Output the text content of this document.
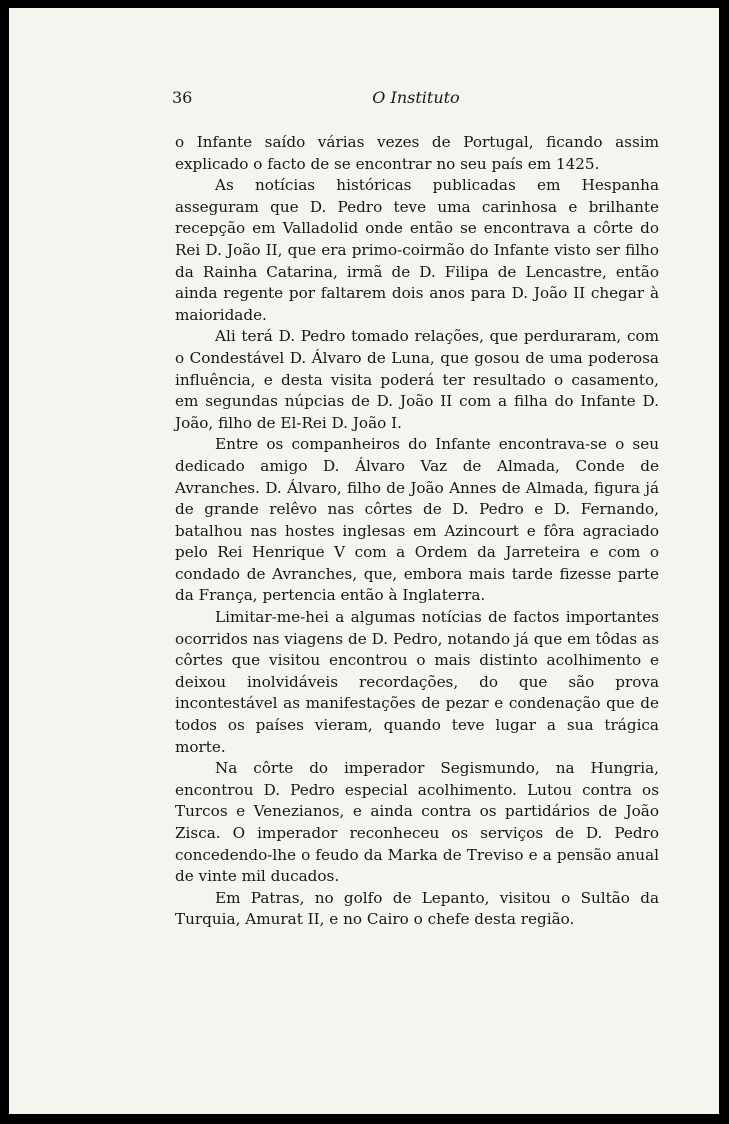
36	O Instituto

o Infante saído várias vezes de Portugal, ficando assim explicado o facto de se encontrar no seu país em 1425.

As notícias históricas publicadas em Hespanha asseguram que D. Pedro teve uma carinhosa e brilhante recepção em Valladolid onde então se encontrava a côrte do Rei D. João II, que era primo-coirmão do Infante visto ser filho da Rainha Catarina, irmã de D. Filipa de Lencastre, então ainda regente por faltarem dois anos para D. João II chegar à maioridade.

Ali terá D. Pedro tomado relações, que perduraram, com o Condestável D. Álvaro de Luna, que gosou de uma poderosa influência, e desta visita poderá ter resultado o casamento, em segundas núpcias de D. João II com a filha do Infante D. João, filho de El-Rei D. João I.

Entre os companheiros do Infante encontrava-se o seu dedicado amigo D. Álvaro Vaz de Almada, Conde de Avranches. D. Álvaro, filho de João Annes de Almada, figura já de grande relêvo nas côrtes de D. Pedro e D. Fernando, batalhou nas hostes inglesas em Azincourt e fôra agraciado pelo Rei Henrique V com a Ordem da Jarreteira e com o condado de Avranches, que, embora mais tarde fizesse parte da França, pertencia então à Inglaterra.

Limitar-me-hei a algumas notícias de factos importantes ocorridos nas viagens de D. Pedro, notando já que em tôdas as côrtes que visitou encontrou o mais distinto acolhimento e deixou inolvidáveis recordações, do que são prova incontestável as manifestações de pezar e condenação que de todos os países vieram, quando teve lugar a sua trágica morte.

Na côrte do imperador Segismundo, na Hungria, encontrou D. Pedro especial acolhimento. Lutou contra os Turcos e Venezianos, e ainda contra os partidários de João Zisca. O imperador reconheceu os serviços de D. Pedro concedendo-lhe o feudo da Marka de Treviso e a pensão anual de vinte mil ducados.

Em Patras, no golfo de Lepanto, visitou o Sultão da Turquia, Amurat II, e no Cairo o chefe desta região.
